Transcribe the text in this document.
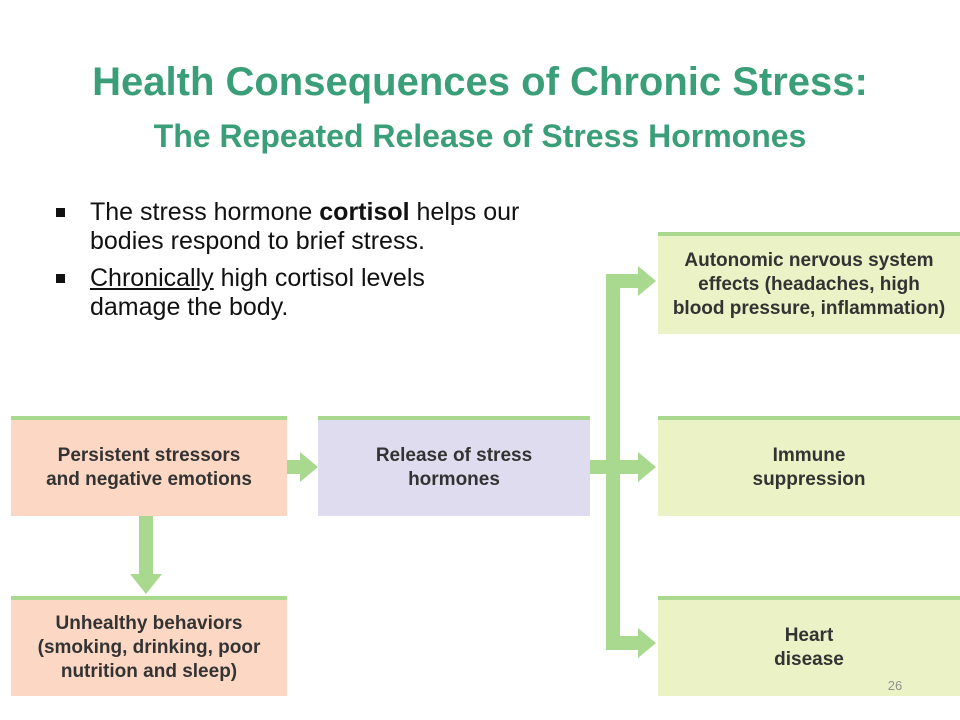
Health Consequences of Chronic Stress:
The Repeated Release of Stress Hormones
The stress hormone cortisol helps our bodies respond to brief stress.
Chronically high cortisol levels damage the body.
Persistent stressors
and negative emotions
Unhealthy behaviors
(smoking, drinking, poor
nutrition and sleep)
Release of stress
hormones
Autonomic nervous system
effects (headaches, high
blood pressure, inflammation)
Immune
suppression
Heart
disease
26
